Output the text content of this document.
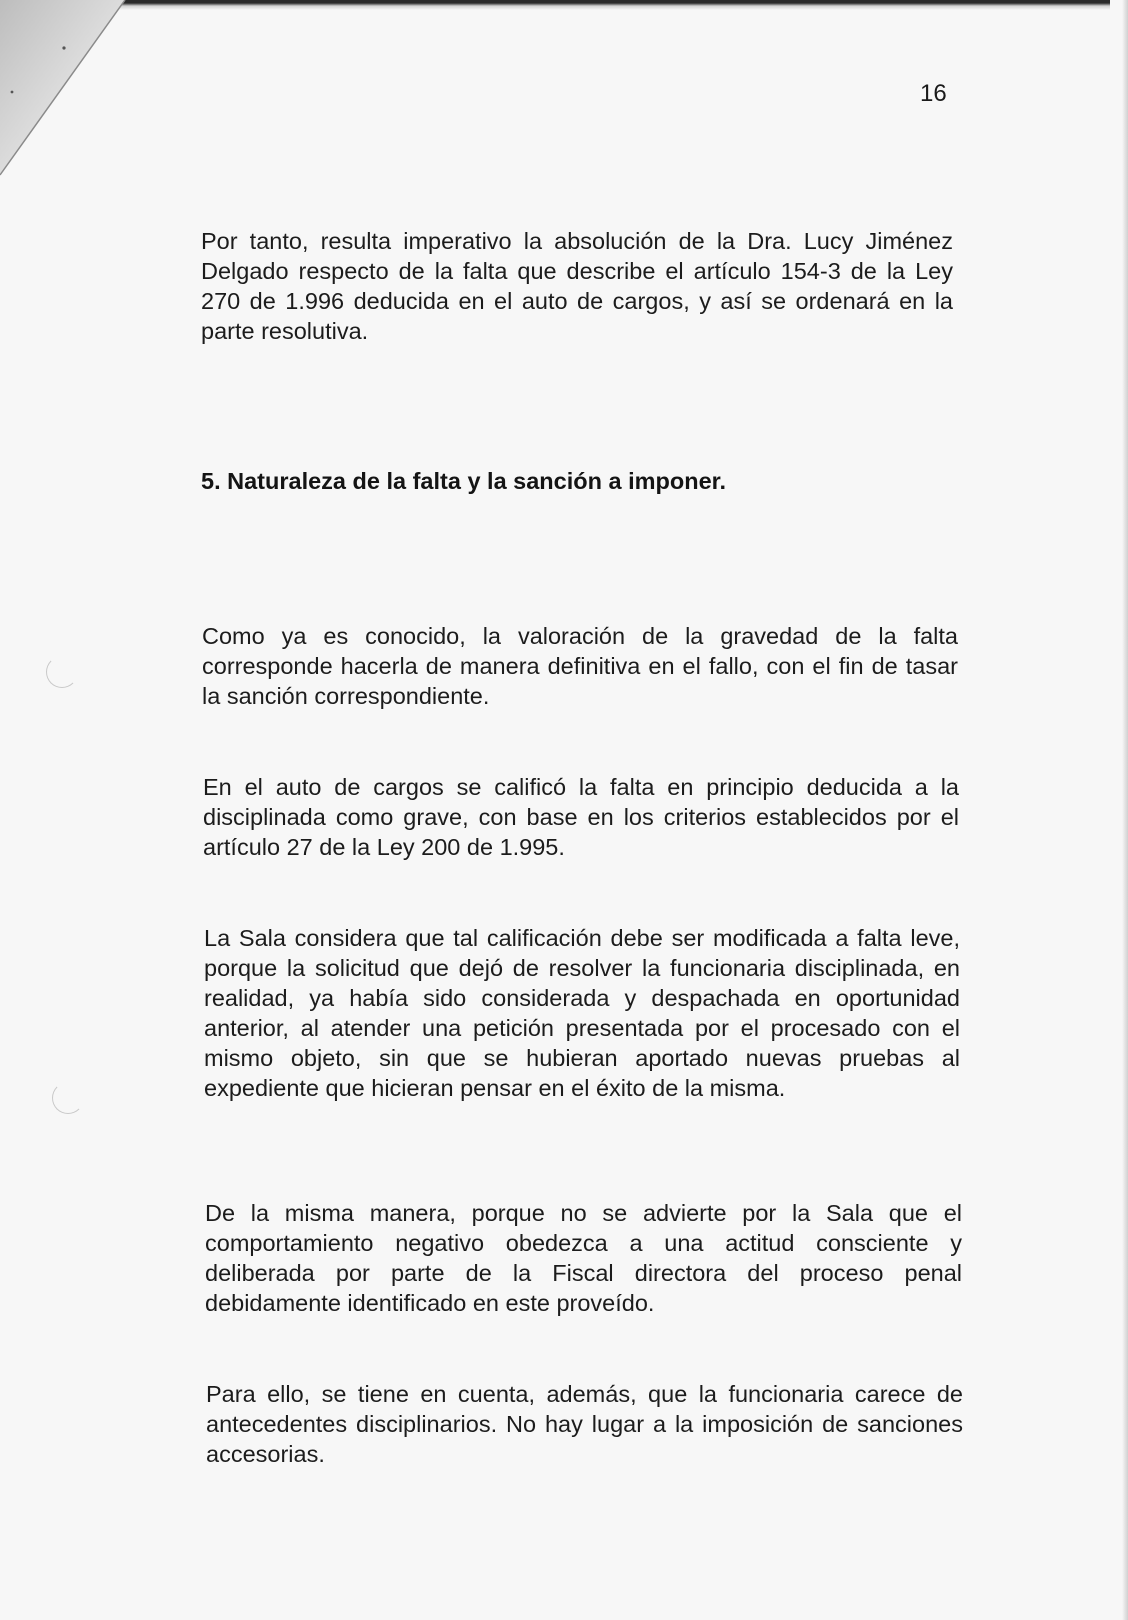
16

Por tanto, resulta imperativo la absolución de la Dra. Lucy Jiménez Delgado respecto de la falta que describe el artículo 154-3 de la Ley 270 de 1.996 deducida en el auto de cargos, y así se ordenará en la parte resolutiva.

5. Naturaleza de la falta y la sanción a imponer.

Como ya es conocido, la valoración de la gravedad de la falta corresponde hacerla de manera definitiva en el fallo, con el fin de tasar la sanción correspondiente.

En el auto de cargos se calificó la falta en principio deducida a la disciplinada como grave, con base en los criterios establecidos por el artículo 27 de la Ley 200 de 1.995.

La Sala considera que tal calificación debe ser modificada a falta leve, porque la solicitud que dejó de resolver la funcionaria disciplinada, en realidad, ya había sido considerada y despachada en oportunidad anterior, al atender una petición presentada por el procesado con el mismo objeto, sin que se hubieran aportado nuevas pruebas al expediente que hicieran pensar en el éxito de la misma.

De la misma manera, porque no se advierte por la Sala que el comportamiento negativo obedezca a una actitud consciente y deliberada por parte de la Fiscal directora del proceso penal debidamente identificado en este proveído.

Para ello, se tiene en cuenta, además, que la funcionaria carece de antecedentes disciplinarios. No hay lugar a la imposición de sanciones accesorias.
